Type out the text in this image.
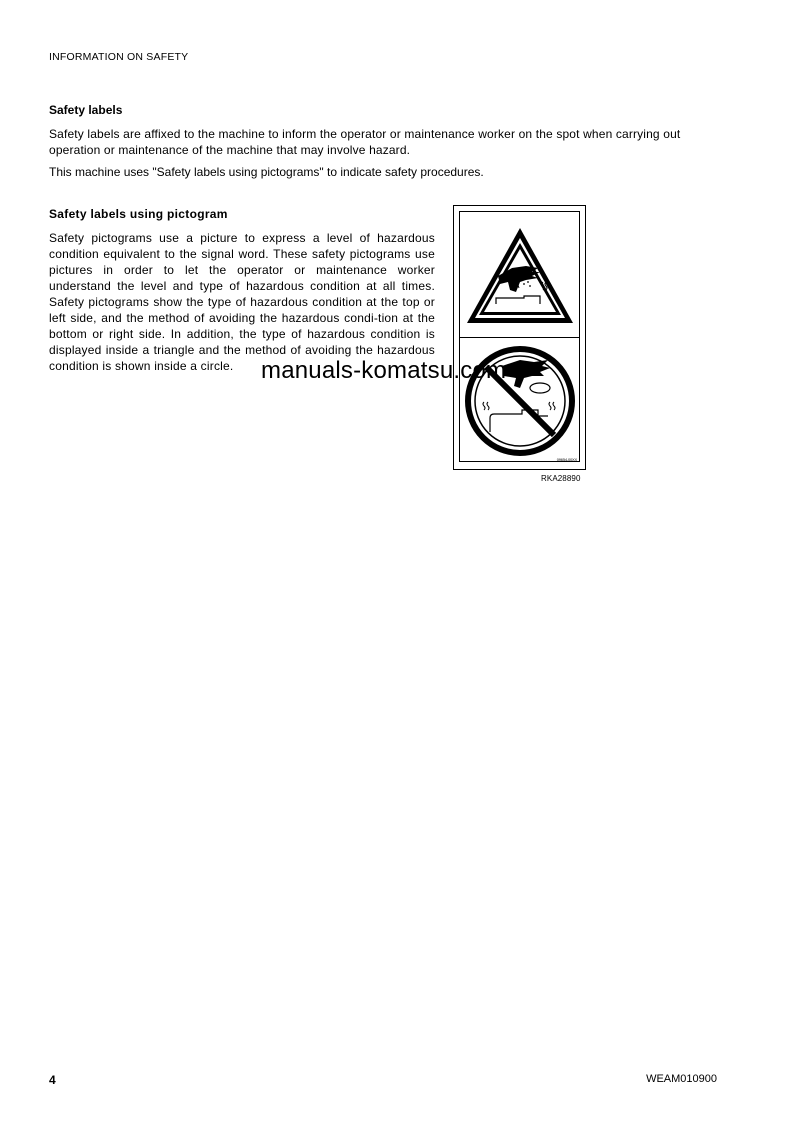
INFORMATION ON SAFETY
Safety labels
Safety labels are affixed to the machine to inform the operator or maintenance worker on the spot when carrying out operation or maintenance of the machine that may involve hazard.
This machine uses "Safety labels using pictograms" to indicate safety procedures.
Safety labels using pictogram
Safety pictograms use a picture to express a level of hazardous condition equivalent to the signal word. These safety pictograms use pictures in order to let the operator or maintenance worker understand the level and type of hazardous condition at all times. Safety pictograms show the type of hazardous condition at the top or left side, and the method of avoiding the hazardous condi-tion at the bottom or right side. In addition, the type of hazardous condition is displayed inside a triangle and the method of avoiding the hazardous condition is shown inside a circle.
09654-00XX
RKA28890
manuals-komatsu.com
4	WEAM010900
